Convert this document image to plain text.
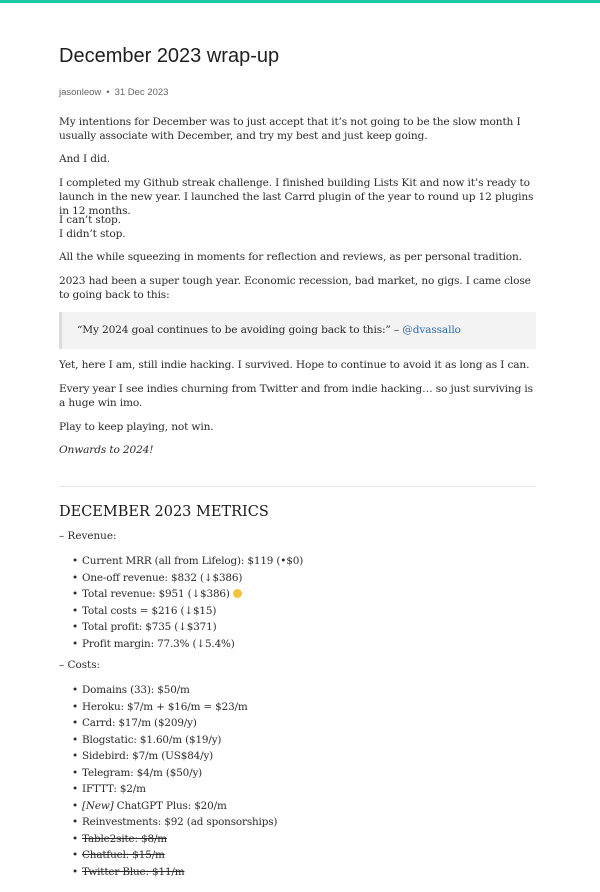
December 2023 wrap-up
jasonleow • 31 Dec 2023
My intentions for December was to just accept that it’s not going to be the slow month I usually associate with December, and try my best and just keep going.
And I did.
I completed my Github streak challenge. I finished building Lists Kit and now it’s ready to launch in the new year. I launched the last Carrd plugin of the year to round up 12 plugins in 12 months.
I can’t stop.
I didn’t stop.
All the while squeezing in moments for reflection and reviews, as per personal tradition.
2023 had been a super tough year. Economic recession, bad market, no gigs. I came close to going back to this:
“My 2024 goal continues to be avoiding going back to this:” – @dvassallo
Yet, here I am, still indie hacking. I survived. Hope to continue to avoid it as long as I can.
Every year I see indies churning from Twitter and from indie hacking… so just surviving is a huge win imo.
Play to keep playing, not win.
Onwards to 2024!
DECEMBER 2023 METRICS
– Revenue:
• Current MRR (all from Lifelog): $119 (•$0)
• One-off revenue: $832 (↓$386)
• Total revenue: $951 (↓$386)
• Total costs = $216 (↓$15)
• Total profit: $735 (↓$371)
• Profit margin: 77.3% (↓5.4%)
– Costs:
• Domains (33): $50/m
• Heroku: $7/m + $16/m = $23/m
• Carrd: $17/m ($209/y)
• Blogstatic: $1.60/m ($19/y)
• Sidebird: $7/m (US$84/y)
• Telegram: $4/m ($50/y)
• IFTTT: $2/m
• [New] ChatGPT Plus: $20/m
• Reinvestments: $92 (ad sponsorships)
• Table2site: $8/m
• Chatfuel: $15/m
• Twitter Blue: $11/m
